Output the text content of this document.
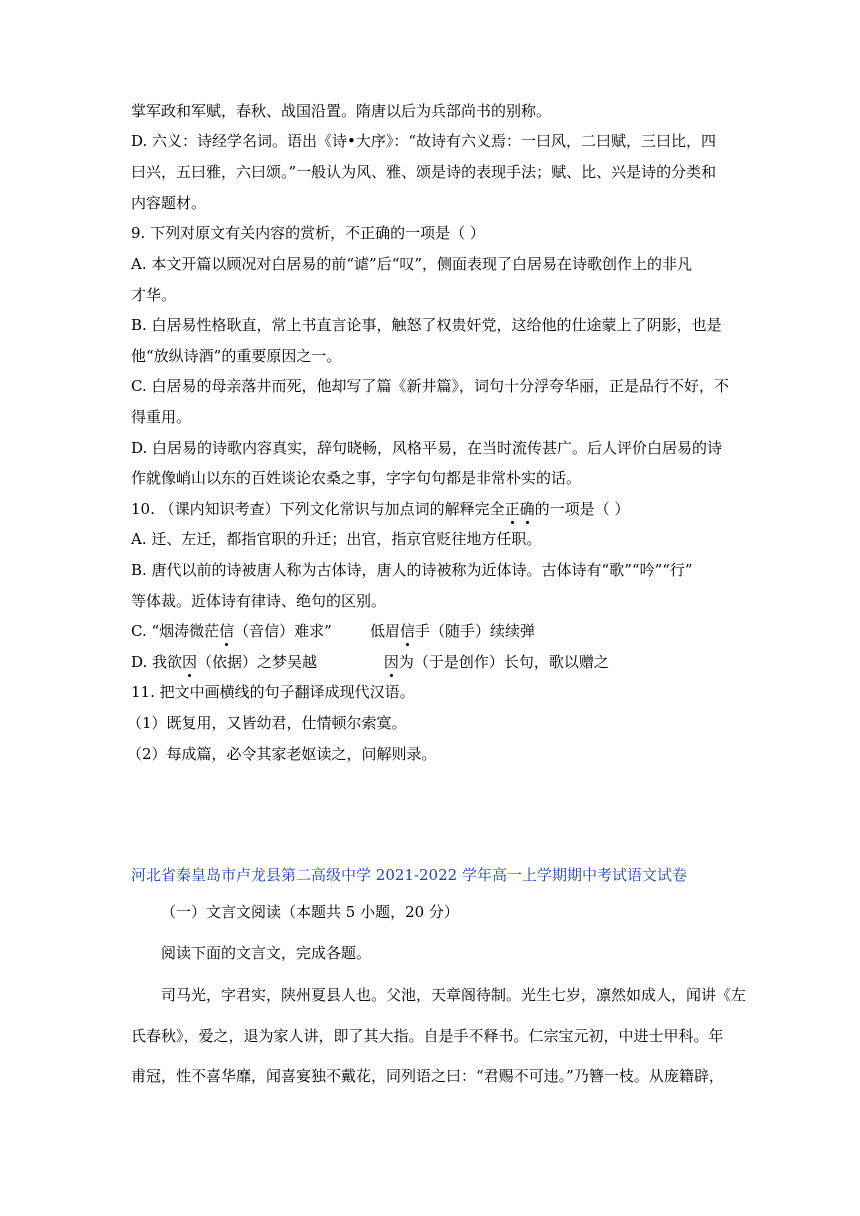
掌军政和军赋，春秋、战国沿置。隋唐以后为兵部尚书的别称。
D. 六义：诗经学名词。语出《诗•大序》：“故诗有六义焉：一曰风，二曰赋，三曰比，四
曰兴，五曰雅，六曰颂。”一般认为风、雅、颂是诗的表现手法；赋、比、兴是诗的分类和
内容题材。
9. 下列对原文有关内容的赏析，不正确的一项是（ ）
A. 本文开篇以顾况对白居易的前“谑”后“叹”，侧面表现了白居易在诗歌创作上的非凡
才华。
B. 白居易性格耿直，常上书直言论事，触怒了权贵奸党，这给他的仕途蒙上了阴影，也是
他“放纵诗酒”的重要原因之一。
C. 白居易的母亲落井而死，他却写了篇《新井篇》，词句十分浮夸华丽，正是品行不好，不
得重用。
D. 白居易的诗歌内容真实，辞句晓畅，风格平易，在当时流传甚广。后人评价白居易的诗
作就像峭山以东的百姓谈论农桑之事，字字句句都是非常朴实的话。
10. （课内知识考查）下列文化常识与加点词的解释完全正确的一项是（ ）
A. 迁、左迁，都指官职的升迁；出官，指京官贬往地方任职。
B. 唐代以前的诗被唐人称为古体诗，唐人的诗被称为近体诗。古体诗有“歌”“吟”“行”
等体裁。近体诗有律诗、绝句的区别。
C. “烟涛微茫信（音信）难求”        低眉信手（随手）续续弹
D. 我欲因（依据）之梦吴越              因为（于是创作）长句，歌以赠之
11. 把文中画横线的句子翻译成现代汉语。
（1）既复用，又皆幼君，仕情顿尔索寞。
（2）每成篇，必令其家老妪读之，问解则录。
河北省秦皇岛市卢龙县第二高级中学 2021-2022 学年高一上学期期中考试语文试卷
（一）文言文阅读（本题共 5 小题，20 分）
阅读下面的文言文，完成各题。
司马光，字君实，陕州夏县人也。父池，天章阁待制。光生七岁，凛然如成人，闻讲《左
氏春秋》，爱之，退为家人讲，即了其大指。自是手不释书。仁宗宝元初，中进士甲科。年
甫冠，性不喜华靡，闻喜宴独不戴花，同列语之曰：“君赐不可违。”乃簪一枝。从庞籍辟，
